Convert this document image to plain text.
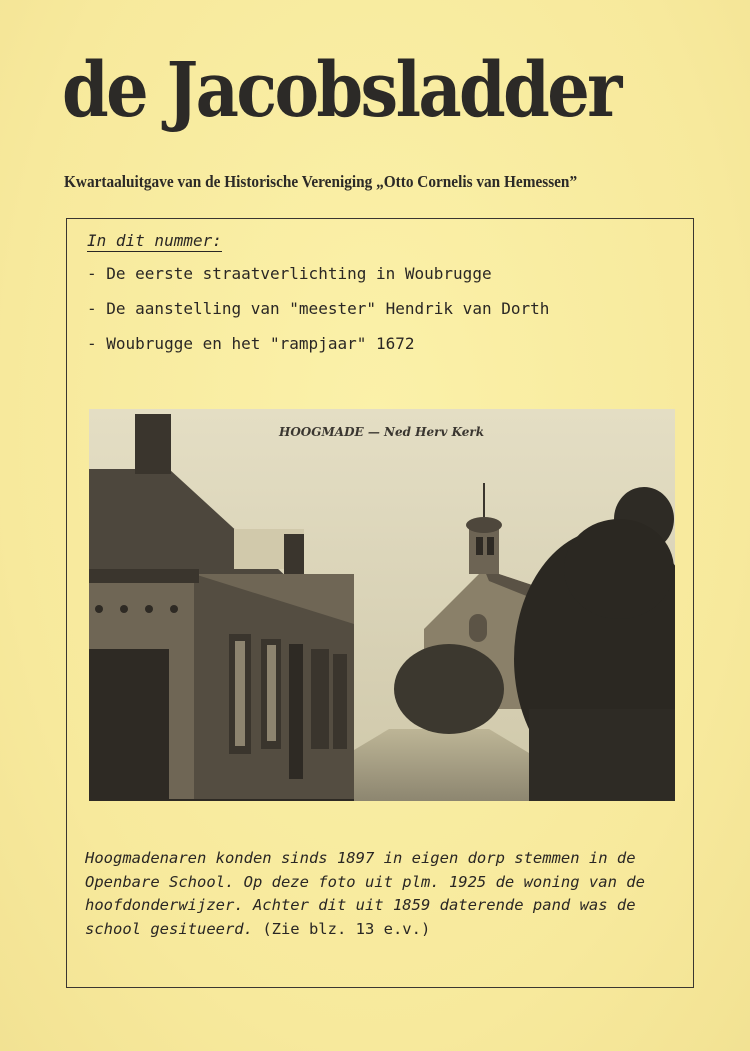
de Jacobsladder
Kwartaaluitgave van de Historische Vereniging „Otto Cornelis van Hemessen”
In dit nummer:
- De eerste straatverlichting in Woubrugge
- De aanstelling van "meester" Hendrik van Dorth
- Woubrugge en het "rampjaar" 1672
HOOGMADE — Ned Herv Kerk
Hoogmadenaren konden sinds 1897 in eigen dorp stemmen in de Openbare School. Op deze foto uit plm. 1925 de woning van de hoofdonderwijzer. Achter dit uit 1859 daterende pand was de school gesitueerd. (Zie blz. 13 e.v.)
